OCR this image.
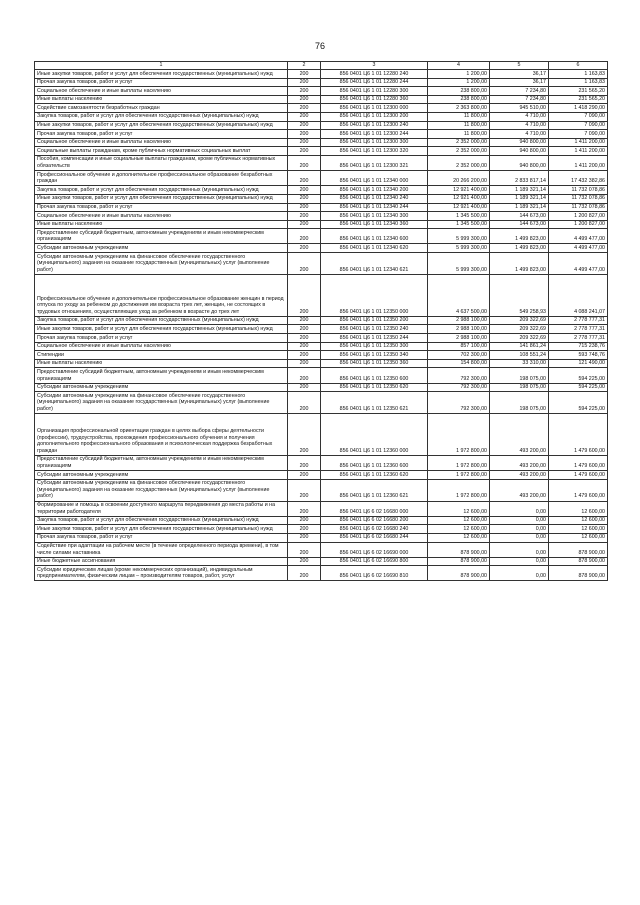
76
1	2	3	4	5	6
Иные закупки товаров, работ и услуг для обеспечения государственных (муниципальных) нужд	200	856 0401 Ц6 1 01 12280 240	1 200,00	36,17	1 163,83
Прочая закупка товаров, работ и услуг	200	856 0401 Ц6 1 01 12280 244	1 200,00	36,17	1 163,83
Социальное обеспечение и иные выплаты населению	200	856 0401 Ц6 1 01 12280 300	238 800,00	7 234,80	231 565,20
Иные выплаты населению	200	856 0401 Ц6 1 01 12280 360	238 800,00	7 234,80	231 565,20
Содействие самозанятости безработных граждан	200	856 0401 Ц6 1 01 12300 000	2 363 800,00	945 510,00	1 418 290,00
Закупка товаров, работ и услуг для обеспечения государственных (муниципальных) нужд	200	856 0401 Ц6 1 01 12300 200	11 800,00	4 710,00	7 090,00
Иные закупки товаров, работ и услуг для обеспечения государственных (муниципальных) нужд	200	856 0401 Ц6 1 01 12300 240	11 800,00	4 710,00	7 090,00
Прочая закупка товаров, работ и услуг	200	856 0401 Ц6 1 01 12300 244	11 800,00	4 710,00	7 090,00
Социальное обеспечение и иные выплаты населению	200	856 0401 Ц6 1 01 12300 300	2 352 000,00	940 800,00	1 411 200,00
Социальные выплаты гражданам, кроме публичных нормативных социальных выплат	200	856 0401 Ц6 1 01 12300 320	2 352 000,00	940 800,00	1 411 200,00
Пособия, компенсации и иные социальные выплаты гражданам, кроме публичных нормативных обязательств	200	856 0401 Ц6 1 01 12300 321	2 352 000,00	940 800,00	1 411 200,00
Профессиональное обучение и дополнительное профессиональное образование безработных граждан	200	856 0401 Ц6 1 01 12340 000	20 266 200,00	2 833 817,14	17 432 382,86
Закупка товаров, работ и услуг для обеспечения государственных (муниципальных) нужд	200	856 0401 Ц6 1 01 12340 200	12 921 400,00	1 189 321,14	11 732 078,86
Иные закупки товаров, работ и услуг для обеспечения государственных (муниципальных) нужд	200	856 0401 Ц6 1 01 12340 240	12 921 400,00	1 189 321,14	11 732 078,86
Прочая закупка товаров, работ и услуг	200	856 0401 Ц6 1 01 12340 244	12 921 400,00	1 189 321,14	11 732 078,86
Социальное обеспечение и иные выплаты населению	200	856 0401 Ц6 1 01 12340 300	1 345 500,00	144 673,00	1 200 827,00
Иные выплаты населению	200	856 0401 Ц6 1 01 12340 360	1 345 500,00	144 673,00	1 200 827,00
Предоставление субсидий бюджетным, автономным учреждениям и иным некоммерческим организациям	200	856 0401 Ц6 1 01 12340 600	5 999 300,00	1 499 823,00	4 499 477,00
Субсидии автономным учреждениям	200	856 0401 Ц6 1 01 12340 620	5 999 300,00	1 499 823,00	4 499 477,00
Субсидии автономным учреждениям на финансовое обеспечение государственного (муниципального) задания на оказание государственных (муниципальных) услуг (выполнение работ)	200	856 0401 Ц6 1 01 12340 621	5 999 300,00	1 499 823,00	4 499 477,00
Профессиональное обучение и дополнительное профессиональное образование женщин в период отпуска по уходу за ребенком до достижения им возраста трех лет, женщин, не состоящих в трудовых отношениях, осуществляющих уход за ребенком в возрасте до трех лет	200	856 0401 Ц6 1 01 12350 000	4 637 500,00	549 258,93	4 088 241,07
Закупка товаров, работ и услуг для обеспечения государственных (муниципальных) нужд	200	856 0401 Ц6 1 01 12350 200	2 988 100,00	209 322,69	2 778 777,31
Иные закупки товаров, работ и услуг для обеспечения государственных (муниципальных) нужд	200	856 0401 Ц6 1 01 12350 240	2 988 100,00	209 322,69	2 778 777,31
Прочая закупка товаров, работ и услуг	200	856 0401 Ц6 1 01 12350 244	2 988 100,00	209 322,69	2 778 777,31
Социальное обеспечение и иные выплаты населению	200	856 0401 Ц6 1 01 12350 300	857 100,00	141 861,24	715 238,76
Стипендии	200	856 0401 Ц6 1 01 12350 340	702 300,00	108 551,24	593 748,76
Иные выплаты населению	200	856 0401 Ц6 1 01 12350 360	154 800,00	33 310,00	121 490,00
Предоставление субсидий бюджетным, автономным учреждениям и иным некоммерческим организациям	200	856 0401 Ц6 1 01 12350 600	792 300,00	198 075,00	594 225,00
Субсидии автономным учреждениям	200	856 0401 Ц6 1 01 12350 620	792 300,00	198 075,00	594 225,00
Субсидии автономным учреждениям на финансовое обеспечение государственного (муниципального) задания на оказание государственных (муниципальных) услуг (выполнение работ)	200	856 0401 Ц6 1 01 12350 621	792 300,00	198 075,00	594 225,00
Организация профессиональной ориентации граждан в целях выбора сферы деятельности (профессии), трудоустройства, прохождения профессионального обучения и получения дополнительного профессионального образования и психологическая поддержка безработных граждан	200	856 0401 Ц6 1 01 12360 000	1 972 800,00	493 200,00	1 479 600,00
Предоставление субсидий бюджетным, автономным учреждениям и иным некоммерческим организациям	200	856 0401 Ц6 1 01 12360 600	1 972 800,00	493 200,00	1 479 600,00
Субсидии автономным учреждениям	200	856 0401 Ц6 1 01 12360 620	1 972 800,00	493 200,00	1 479 600,00
Субсидии автономным учреждениям на финансовое обеспечение государственного (муниципального) задания на оказание государственных (муниципальных) услуг (выполнение работ)	200	856 0401 Ц6 1 01 12360 621	1 972 800,00	493 200,00	1 479 600,00
Формирование и помощь в освоении доступного маршрута передвижения до места работы и на территории работодателя	200	856 0401 Ц6 6 02 16680 000	12 600,00	0,00	12 600,00
Закупка товаров, работ и услуг для обеспечения государственных (муниципальных) нужд	200	856 0401 Ц6 6 02 16680 200	12 600,00	0,00	12 600,00
Иные закупки товаров, работ и услуг для обеспечения государственных (муниципальных) нужд	200	856 0401 Ц6 6 02 16680 240	12 600,00	0,00	12 600,00
Прочая закупка товаров, работ и услуг	200	856 0401 Ц6 6 02 16680 244	12 600,00	0,00	12 600,00
Содействие при адаптации на рабочем месте (в течение определенного периода времени), в том числе силами наставника	200	856 0401 Ц6 6 02 16690 000	878 900,00	0,00	878 900,00
Иные бюджетные ассигнования	200	856 0401 Ц6 6 02 16690 800	878 900,00	0,00	878 900,00
Субсидии юридическим лицам (кроме некоммерческих организаций), индивидуальным предпринимателям, физическим лицам – производителям товаров, работ, услуг	200	856 0401 Ц6 6 02 16690 810	878 900,00	0,00	878 900,00
